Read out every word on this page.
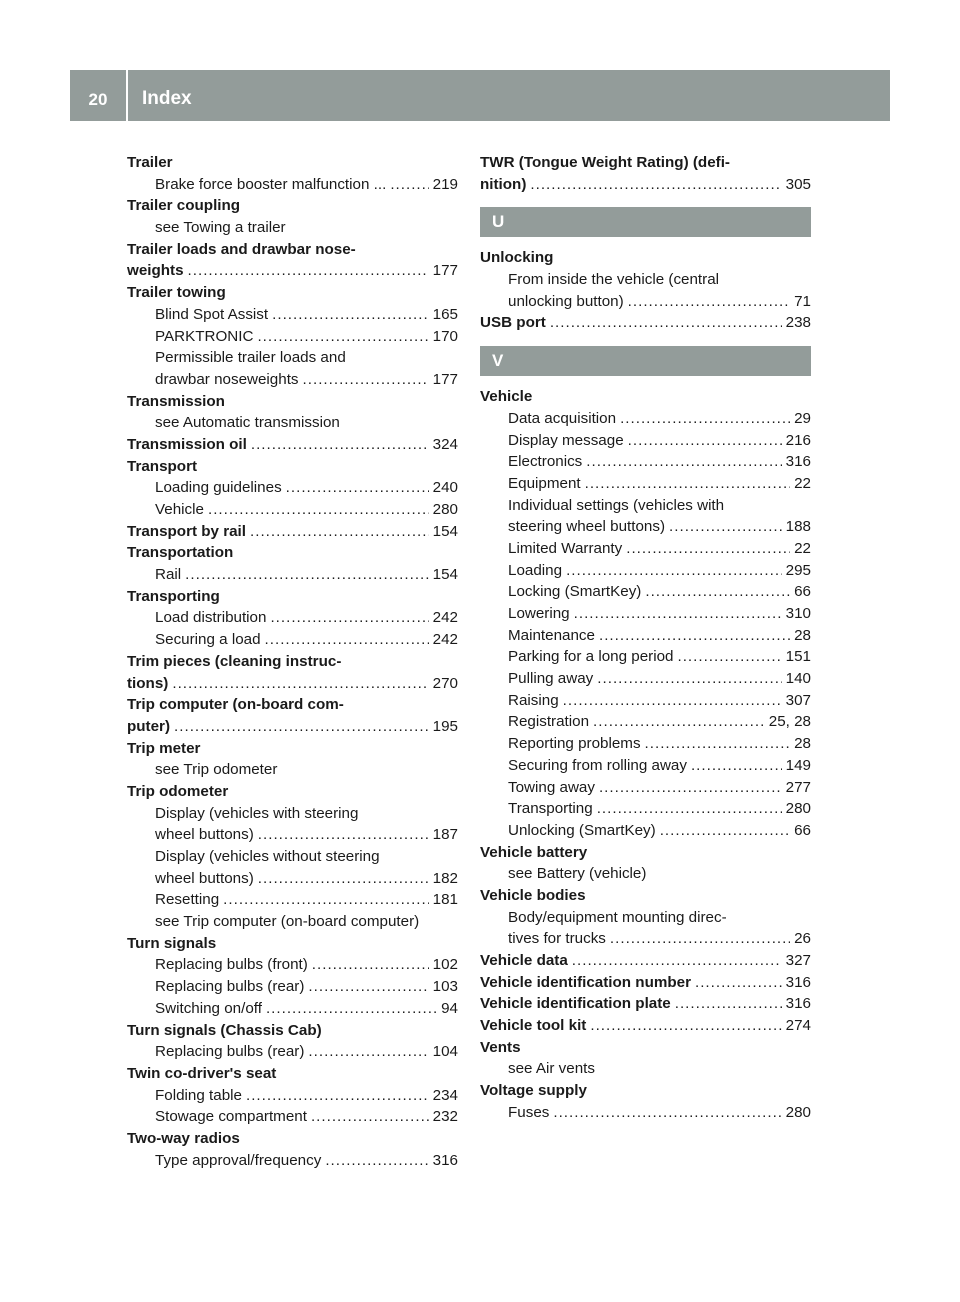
20	Index
Trailer
Brake force booster malfunction ... .....	219
Trailer coupling
see Towing a trailer
Trailer loads and drawbar nose-
weights .....	177
Trailer towing
Blind Spot Assist .....	165
PARKTRONIC .....	170
Permissible trailer loads and
drawbar noseweights .....	177
Transmission
see Automatic transmission
Transmission oil .....	324
Transport
Loading guidelines .....	240
Vehicle .....	280
Transport by rail .....	154
Transportation
Rail .....	154
Transporting
Load distribution .....	242
Securing a load .....	242
Trim pieces (cleaning instruc-
tions) .....	270
Trip computer (on-board com-
puter) .....	195
Trip meter
see Trip odometer
Trip odometer
Display (vehicles with steering
wheel buttons) .....	187
Display (vehicles without steering
wheel buttons) .....	182
Resetting .....	181
see Trip computer (on-board computer)
Turn signals
Replacing bulbs (front) .....	102
Replacing bulbs (rear) .....	103
Switching on/off .....	94
Turn signals (Chassis Cab)
Replacing bulbs (rear) .....	104
Twin co-driver's seat
Folding table .....	234
Stowage compartment .....	232
Two-way radios
Type approval/frequency .....	316
TWR (Tongue Weight Rating) (defi-
nition) .....	305
U
Unlocking
From inside the vehicle (central
unlocking button) .....	71
USB port .....	238
V
Vehicle
Data acquisition .....	29
Display message .....	216
Electronics .....	316
Equipment .....	22
Individual settings (vehicles with
steering wheel buttons) .....	188
Limited Warranty .....	22
Loading .....	295
Locking (SmartKey) .....	66
Lowering .....	310
Maintenance .....	28
Parking for a long period .....	151
Pulling away .....	140
Raising .....	307
Registration .....	25, 28
Reporting problems .....	28
Securing from rolling away .....	149
Towing away .....	277
Transporting .....	280
Unlocking (SmartKey) .....	66
Vehicle battery
see Battery (vehicle)
Vehicle bodies
Body/equipment mounting direc-
tives for trucks .....	26
Vehicle data .....	327
Vehicle identification number .....	316
Vehicle identification plate .....	316
Vehicle tool kit .....	274
Vents
see Air vents
Voltage supply
Fuses .....	280
